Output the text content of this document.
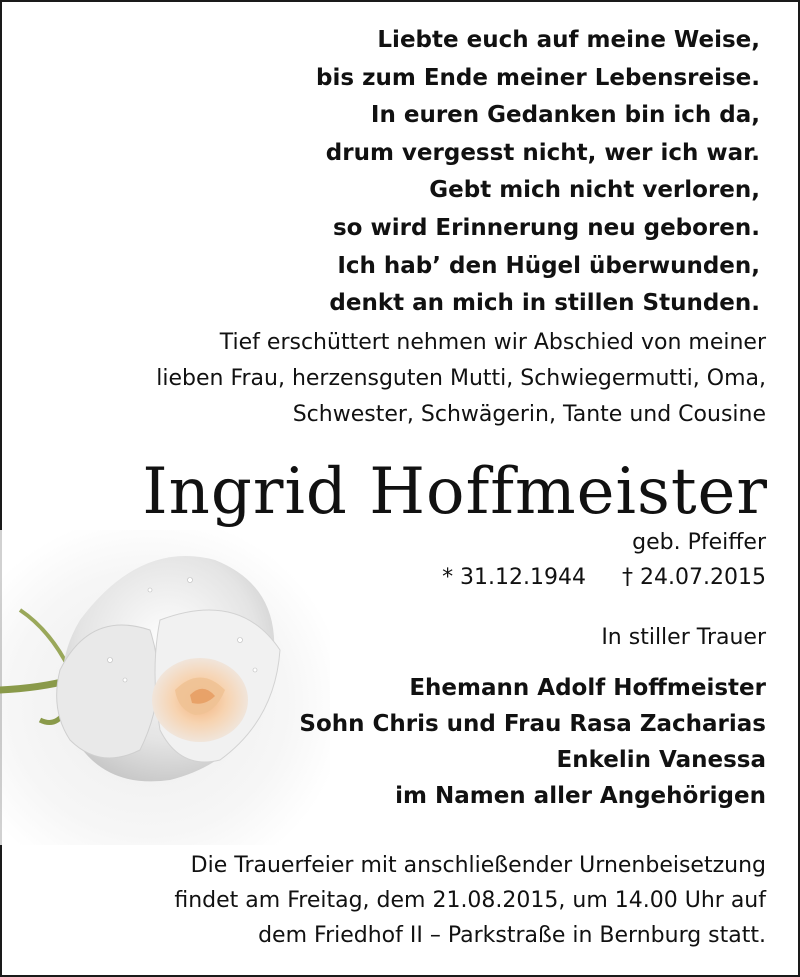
Liebte euch auf meine Weise,
bis zum Ende meiner Lebensreise.
In euren Gedanken bin ich da,
drum vergesst nicht, wer ich war.
Gebt mich nicht verloren,
so wird Erinnerung neu geboren.
Ich hab’ den Hügel überwunden,
denkt an mich in stillen Stunden.
Tief erschüttert nehmen wir Abschied von meiner
lieben Frau, herzensguten Mutti, Schwiegermutti, Oma,
Schwester, Schwägerin, Tante und Cousine
Ingrid Hoffmeister
geb. Pfeiffer
* 31.12.1944 † 24.07.2015
In stiller Trauer
Ehemann Adolf Hoffmeister
Sohn Chris und Frau Rasa Zacharias
Enkelin Vanessa
im Namen aller Angehörigen
Die Trauerfeier mit anschließender Urnenbeisetzung
findet am Freitag, dem 21.08.2015, um 14.00 Uhr auf
dem Friedhof II – Parkstraße in Bernburg statt.
